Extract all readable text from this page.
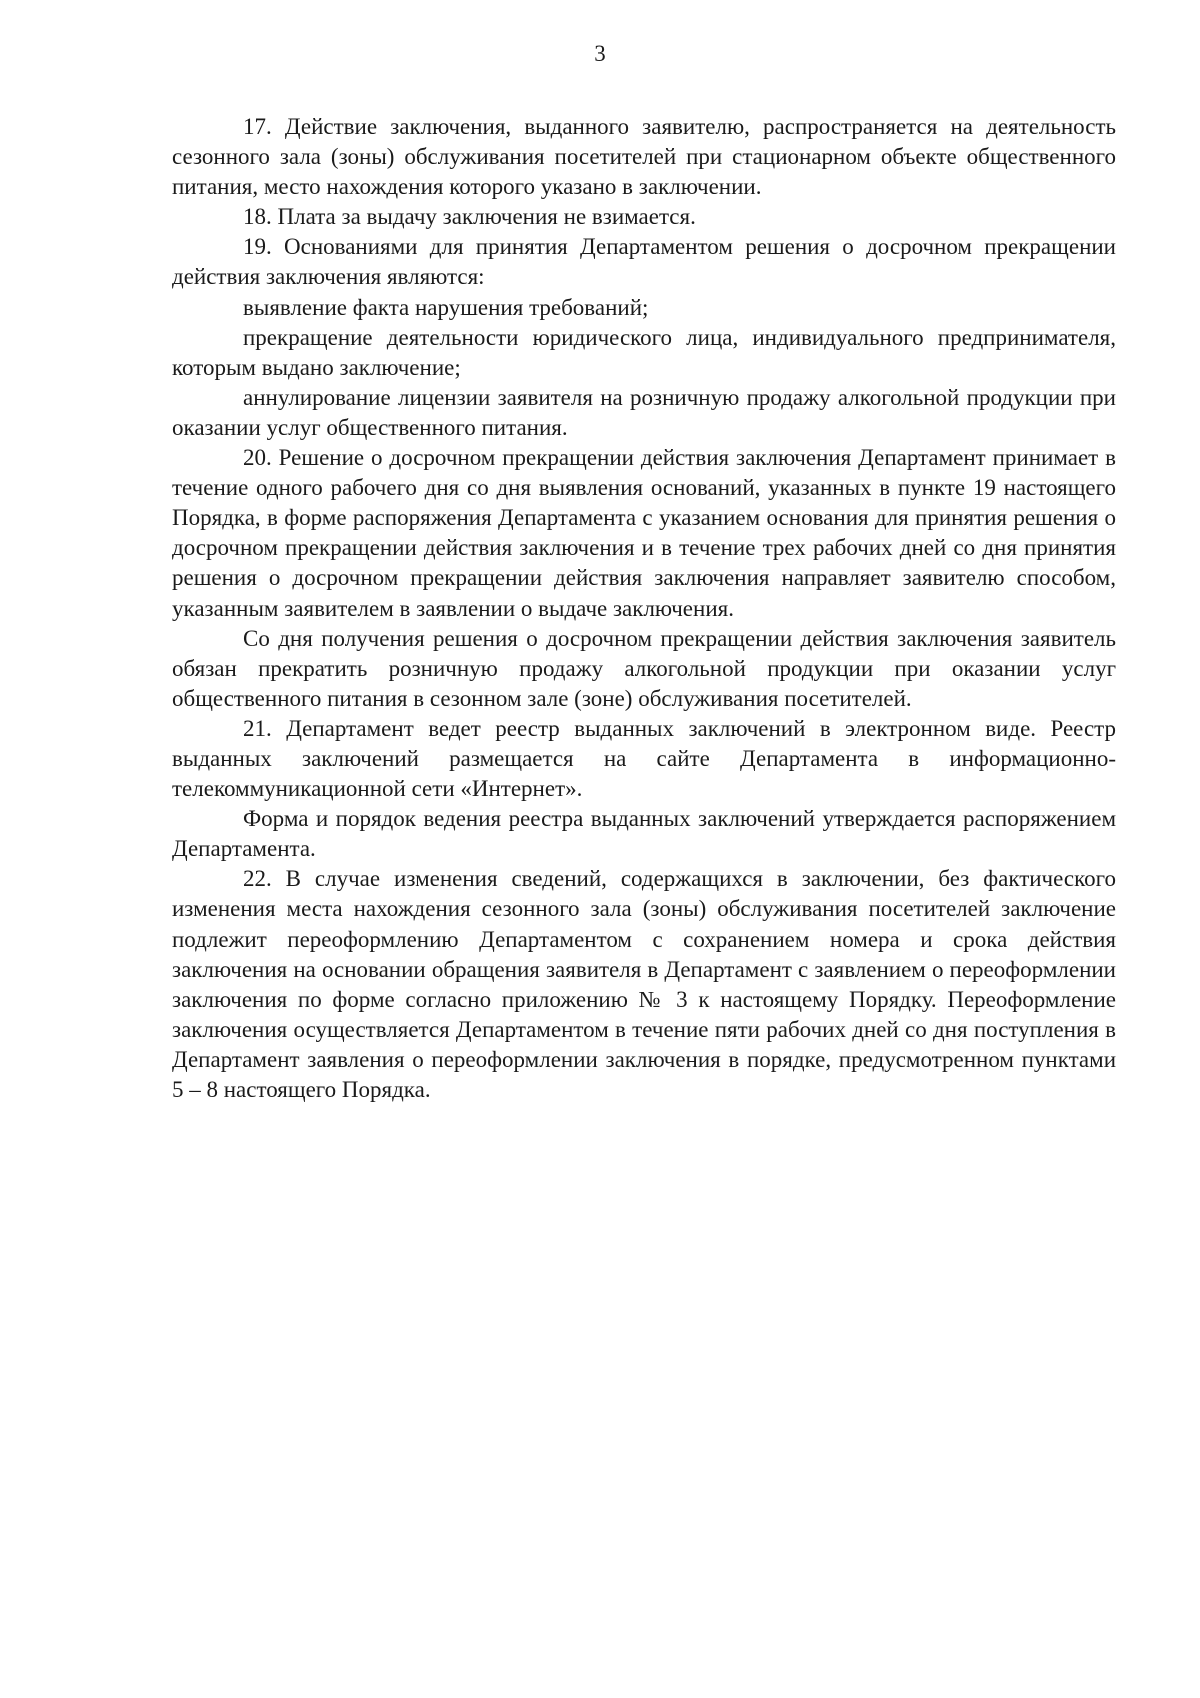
3

17. Действие заключения, выданного заявителю, распространяется на деятельность сезонного зала (зоны) обслуживания посетителей при стационарном объекте общественного питания, место нахождения которого указано в заключении.

18. Плата за выдачу заключения не взимается.

19. Основаниями для принятия Департаментом решения о досрочном прекращении действия заключения являются:

выявление факта нарушения требований;

прекращение деятельности юридического лица, индивидуального предпринимателя, которым выдано заключение;

аннулирование лицензии заявителя на розничную продажу алкогольной продукции при оказании услуг общественного питания.

20. Решение о досрочном прекращении действия заключения Департамент принимает в течение одного рабочего дня со дня выявления оснований, указанных в пункте 19 настоящего Порядка, в форме распоряжения Департамента с указанием основания для принятия решения о досрочном прекращении действия заключения и в течение трех рабочих дней со дня принятия решения о досрочном прекращении действия заключения направляет заявителю способом, указанным заявителем в заявлении о выдаче заключения.

Со дня получения решения о досрочном прекращении действия заключения заявитель обязан прекратить розничную продажу алкогольной продукции при оказании услуг общественного питания в сезонном зале (зоне) обслуживания посетителей.

21. Департамент ведет реестр выданных заключений в электронном виде. Реестр выданных заключений размещается на сайте Департамента в информационно-телекоммуникационной сети «Интернет».

Форма и порядок ведения реестра выданных заключений утверждается распоряжением Департамента.

22. В случае изменения сведений, содержащихся в заключении, без фактического изменения места нахождения сезонного зала (зоны) обслуживания посетителей заключение подлежит переоформлению Департаментом с сохранением номера и срока действия заключения на основании обращения заявителя в Департамент с заявлением о переоформлении заключения по форме согласно приложению № 3 к настоящему Порядку. Переоформление заключения осуществляется Департаментом в течение пяти рабочих дней со дня поступления в Департамент заявления о переоформлении заключения в порядке, предусмотренном пунктами 5 – 8 настоящего Порядка.
